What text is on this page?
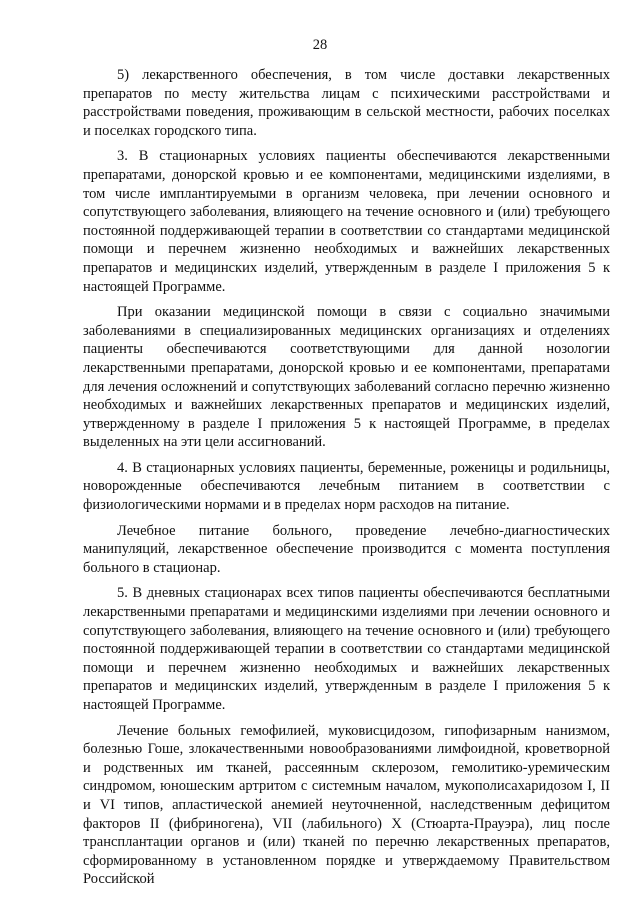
28

5) лекарственного обеспечения, в том числе доставки лекарственных препаратов по месту жительства лицам с психическими расстройствами и расстройствами поведения, проживающим в сельской местности, рабочих поселках и поселках городского типа.

3. В стационарных условиях пациенты обеспечиваются лекарственными препаратами, донорской кровью и ее компонентами, медицинскими изделиями, в том числе имплантируемыми в организм человека, при лечении основного и сопутствующего заболевания, влияющего на течение основного и (или) требующего постоянной поддерживающей терапии в соответствии со стандартами медицинской помощи и перечнем жизненно необходимых и важнейших лекарственных препаратов и медицинских изделий, утвержденным в разделе I приложения 5 к настоящей Программе.

При оказании медицинской помощи в связи с социально значимыми заболеваниями в специализированных медицинских организациях и отделениях пациенты обеспечиваются соответствующими для данной нозологии лекарственными препаратами, донорской кровью и ее компонентами, препаратами для лечения осложнений и сопутствующих заболеваний согласно перечню жизненно необходимых и важнейших лекарственных препаратов и медицинских изделий, утвержденному в разделе I приложения 5 к настоящей Программе, в пределах выделенных на эти цели ассигнований.

4. В стационарных условиях пациенты, беременные, роженицы и родильницы, новорожденные обеспечиваются лечебным питанием в соответствии с физиологическими нормами и в пределах норм расходов на питание.

Лечебное питание больного, проведение лечебно-диагностических манипуляций, лекарственное обеспечение производится с момента поступления больного в стационар.

5. В дневных стационарах всех типов пациенты обеспечиваются бесплатными лекарственными препаратами и медицинскими изделиями при лечении основного и сопутствующего заболевания, влияющего на течение основного и (или) требующего постоянной поддерживающей терапии в соответствии со стандартами медицинской помощи и перечнем жизненно необходимых и важнейших лекарственных препаратов и медицинских изделий, утвержденным в разделе I приложения 5 к настоящей Программе.

Лечение больных гемофилией, муковисцидозом, гипофизарным нанизмом, болезнью Гоше, злокачественными новообразованиями лимфоидной, кроветворной и родственных им тканей, рассеянным склерозом, гемолитико-уремическим синдромом, юношеским артритом с системным началом, мукополисахаридозом I, II и VI типов, апластической анемией неуточненной, наследственным дефицитом факторов II (фибриногена), VII (лабильного) X (Стюарта-Прауэра), лиц после трансплантации органов и (или) тканей по перечню лекарственных препаратов, сформированному в установленном порядке и утверждаемому Правительством Российской
